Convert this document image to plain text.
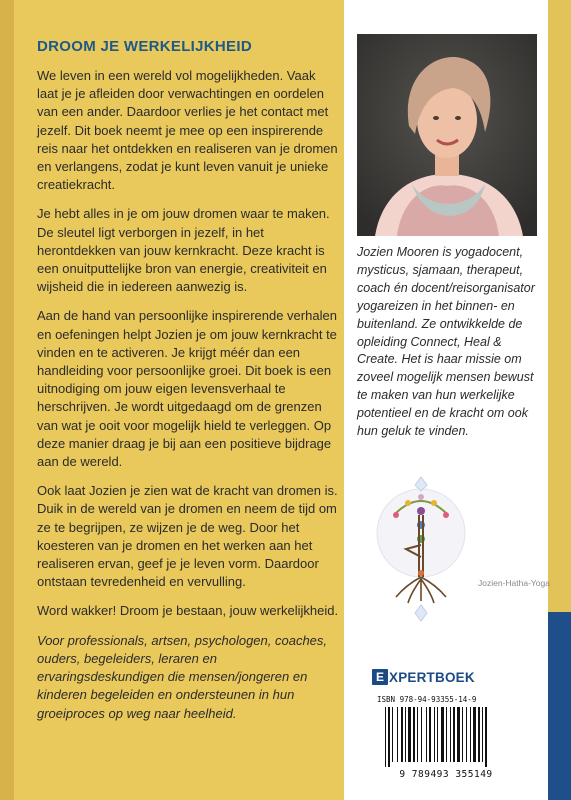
DROOM JE WERKELIJKHEID

We leven in een wereld vol mogelijkheden. Vaak laat je je afleiden door verwachtingen en oordelen van een ander. Daardoor verlies je het contact met jezelf. Dit boek neemt je mee op een inspirerende reis naar het ontdekken en realiseren van je dromen en verlangens, zodat je kunt leven vanuit je unieke creatiekracht.

Je hebt alles in je om jouw dromen waar te maken. De sleutel ligt verborgen in jezelf, in het herontdekken van jouw kernkracht. Deze kracht is een onuitputtelijke bron van energie, creativiteit en wijsheid die in iedereen aanwezig is.

Aan de hand van persoonlijke inspirerende verhalen en oefeningen helpt Jozien je om jouw kernkracht te vinden en te activeren. Je krijgt méér dan een handleiding voor persoonlijke groei. Dit boek is een uitnodiging om jouw eigen levensverhaal te herschrijven. Je wordt uitgedaagd om de grenzen van wat je ooit voor mogelijk hield te verleggen. Op deze manier draag je bij aan een positieve bijdrage aan de wereld.

Ook laat Jozien je zien wat de kracht van dromen is. Duik in de wereld van je dromen en neem de tijd om ze te begrijpen, ze wijzen je de weg. Door het koesteren van je dromen en het werken aan het realiseren ervan, geef je je leven vorm. Daardoor ontstaan tevredenheid en vervulling.

Word wakker! Droom je bestaan, jouw werkelijkheid.

Voor professionals, artsen, psychologen, coaches, ouders, begeleiders, leraren en ervaringsdeskundigen die mensen/jongeren en kinderen begeleiden en ondersteunen in hun groeiproces op weg naar heelheid.

Jozien Mooren is yogadocent, mysticus, sjamaan, therapeut, coach én docent/reisorganisator yogareizen in het binnen- en buitenland. Ze ontwikkelde de opleiding Connect, Heal & Create. Het is haar missie om zoveel mogelijk mensen bewust te maken van hun werkelijke potentieel en de kracht om ook hun geluk te vinden.
Jozien-Hatha-Yoga
E XPERTBOEK
ISBN 978-94-93355-14-9
9 789493 355149
